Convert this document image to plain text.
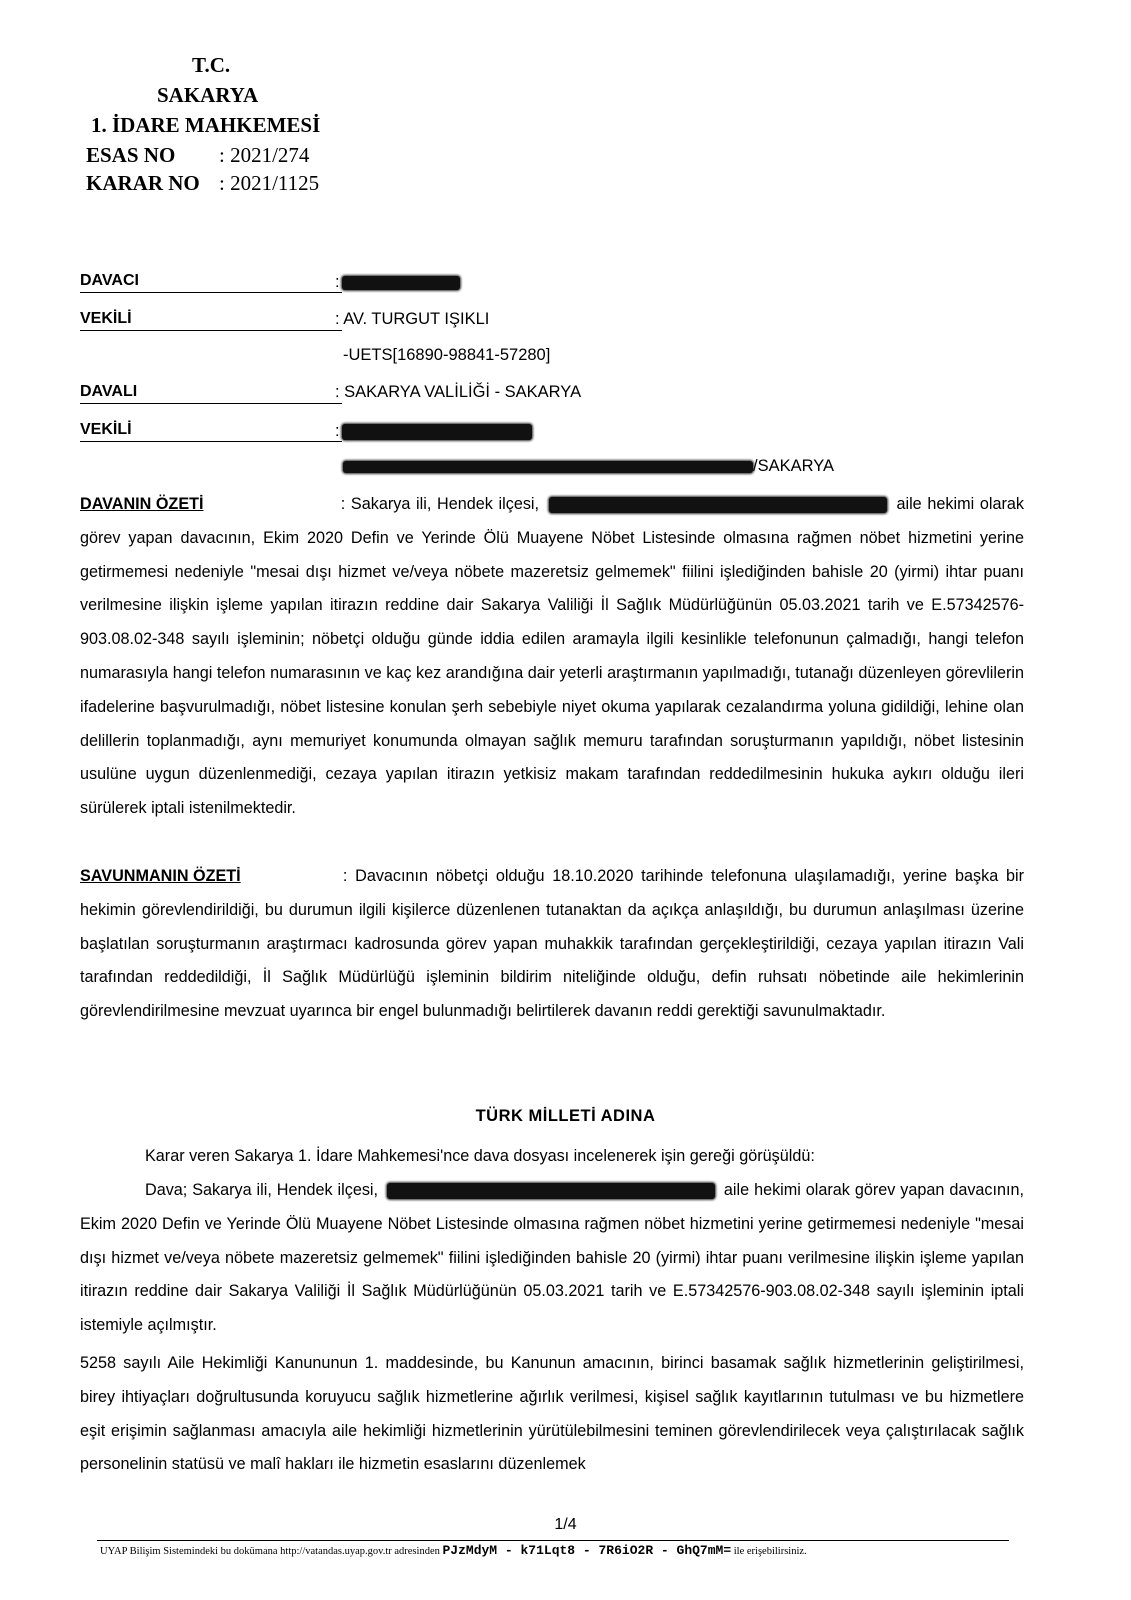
T.C.
SAKARYA
1. İDARE MAHKEMESİ
ESAS NO : 2021/274
KARAR NO : 2021/1125
DAVACI	:
VEKİLİ	: AV. TURGUT IŞIKLI
-UETS[16890-98841-57280]
DAVALI	: SAKARYA VALİLİĞİ - SAKARYA
VEKİLİ	:
/SAKARYA
DAVANIN ÖZETİ	: Sakarya ili, Hendek ilçesi,	aile hekimi olarak görev yapan davacının, Ekim 2020 Defin ve Yerinde Ölü Muayene Nöbet Listesinde olmasına rağmen nöbet hizmetini yerine getirmemesi nedeniyle "mesai dışı hizmet ve/veya nöbete mazeretsiz gelmemek" fiilini işlediğinden bahisle 20 (yirmi) ihtar puanı verilmesine ilişkin işleme yapılan itirazın reddine dair Sakarya Valiliği İl Sağlık Müdürlüğünün 05.03.2021 tarih ve E.57342576-903.08.02-348 sayılı işleminin; nöbetçi olduğu günde iddia edilen aramayla ilgili kesinlikle telefonunun çalmadığı, hangi telefon numarasıyla hangi telefon numarasının ve kaç kez arandığına dair yeterli araştırmanın yapılmadığı, tutanağı düzenleyen görevlilerin ifadelerine başvurulmadığı, nöbet listesine konulan şerh sebebiyle niyet okuma yapılarak cezalandırma yoluna gidildiği, lehine olan delillerin toplanmadığı, aynı memuriyet konumunda olmayan sağlık memuru tarafından soruşturmanın yapıldığı, nöbet listesinin usulüne uygun düzenlenmediği, cezaya yapılan itirazın yetkisiz makam tarafından reddedilmesinin hukuka aykırı olduğu ileri sürülerek iptali istenilmektedir.
SAVUNMANIN ÖZETİ	: Davacının nöbetçi olduğu 18.10.2020 tarihinde telefonuna ulaşılamadığı, yerine başka bir hekimin görevlendirildiği, bu durumun ilgili kişilerce düzenlenen tutanaktan da açıkça anlaşıldığı, bu durumun anlaşılması üzerine başlatılan soruşturmanın araştırmacı kadrosunda görev yapan muhakkik tarafından gerçekleştirildiği, cezaya yapılan itirazın Vali tarafından reddedildiği, İl Sağlık Müdürlüğü işleminin bildirim niteliğinde olduğu, defin ruhsatı nöbetinde aile hekimlerinin görevlendirilmesine mevzuat uyarınca bir engel bulunmadığı belirtilerek davanın reddi gerektiği savunulmaktadır.
TÜRK MİLLETİ ADINA
Karar veren Sakarya 1. İdare Mahkemesi'nce dava dosyası incelenerek işin gereği görüşüldü:
Dava; Sakarya ili, Hendek ilçesi,	aile hekimi olarak görev yapan davacının, Ekim 2020 Defin ve Yerinde Ölü Muayene Nöbet Listesinde olmasına rağmen nöbet hizmetini yerine getirmemesi nedeniyle "mesai dışı hizmet ve/veya nöbete mazeretsiz gelmemek" fiilini işlediğinden bahisle 20 (yirmi) ihtar puanı verilmesine ilişkin işleme yapılan itirazın reddine dair Sakarya Valiliği İl Sağlık Müdürlüğünün 05.03.2021 tarih ve E.57342576-903.08.02-348 sayılı işleminin iptali istemiyle açılmıştır.
5258 sayılı Aile Hekimliği Kanununun 1. maddesinde, bu Kanunun amacının, birinci basamak sağlık hizmetlerinin geliştirilmesi, birey ihtiyaçları doğrultusunda koruyucu sağlık hizmetlerine ağırlık verilmesi, kişisel sağlık kayıtlarının tutulması ve bu hizmetlere eşit erişimin sağlanması amacıyla aile hekimliği hizmetlerinin yürütülebilmesini teminen görevlendirilecek veya çalıştırılacak sağlık personelinin statüsü ve malî hakları ile hizmetin esaslarını düzenlemek
1/4
UYAP Bilişim Sistemindeki bu dokümana http://vatandas.uyap.gov.tr adresinden PJzMdyM - k71Lqt8 - 7R6iO2R - GhQ7mM= ile erişebilirsiniz.
